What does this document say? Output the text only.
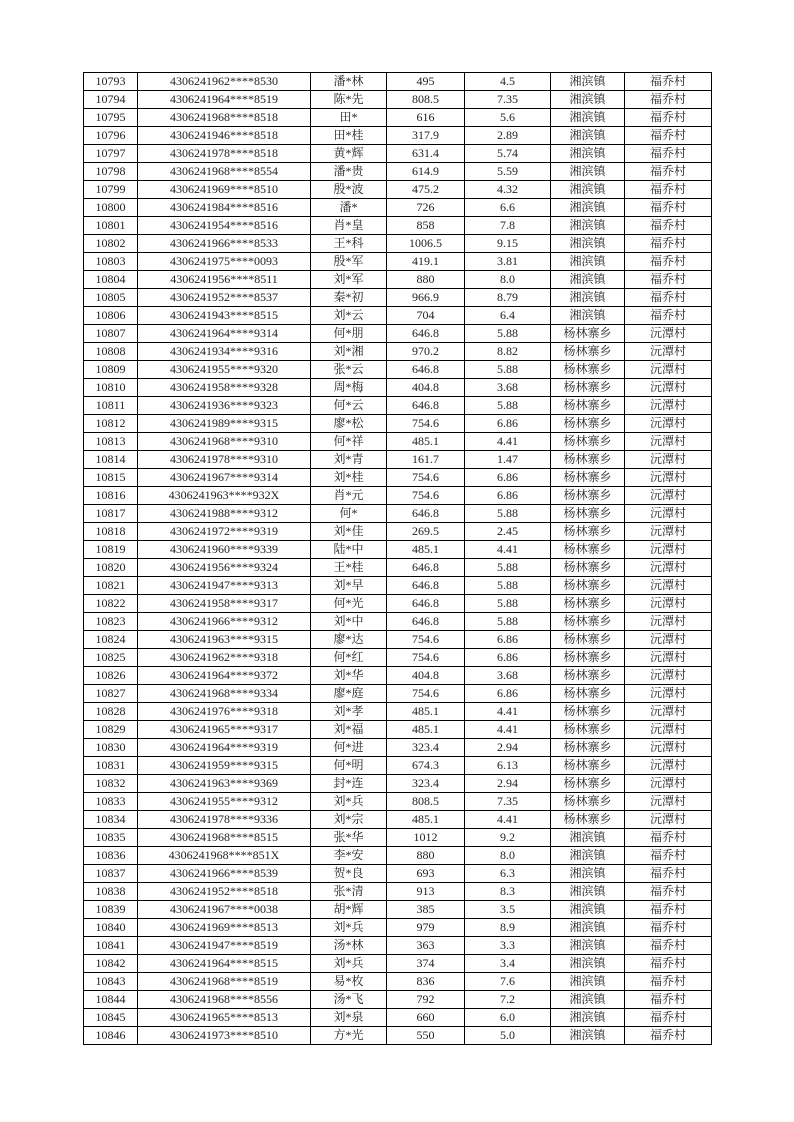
10793	4306241962****8530	潘*林	495	4.5	湘滨镇	福乔村
10794	4306241964****8519	陈*先	808.5	7.35	湘滨镇	福乔村
10795	4306241968****8518	田*	616	5.6	湘滨镇	福乔村
10796	4306241946****8518	田*桂	317.9	2.89	湘滨镇	福乔村
10797	4306241978****8518	黄*辉	631.4	5.74	湘滨镇	福乔村
10798	4306241968****8554	潘*贵	614.9	5.59	湘滨镇	福乔村
10799	4306241969****8510	殷*波	475.2	4.32	湘滨镇	福乔村
10800	4306241984****8516	潘*	726	6.6	湘滨镇	福乔村
10801	4306241954****8516	肖*皇	858	7.8	湘滨镇	福乔村
10802	4306241966****8533	王*科	1006.5	9.15	湘滨镇	福乔村
10803	4306241975****0093	殷*军	419.1	3.81	湘滨镇	福乔村
10804	4306241956****8511	刘*军	880	8.0	湘滨镇	福乔村
10805	4306241952****8537	秦*初	966.9	8.79	湘滨镇	福乔村
10806	4306241943****8515	刘*云	704	6.4	湘滨镇	福乔村
10807	4306241964****9314	何*朋	646.8	5.88	杨林寨乡	沅潭村
10808	4306241934****9316	刘*湘	970.2	8.82	杨林寨乡	沅潭村
10809	4306241955****9320	张*云	646.8	5.88	杨林寨乡	沅潭村
10810	4306241958****9328	周*梅	404.8	3.68	杨林寨乡	沅潭村
10811	4306241936****9323	何*云	646.8	5.88	杨林寨乡	沅潭村
10812	4306241989****9315	廖*松	754.6	6.86	杨林寨乡	沅潭村
10813	4306241968****9310	何*祥	485.1	4.41	杨林寨乡	沅潭村
10814	4306241978****9310	刘*青	161.7	1.47	杨林寨乡	沅潭村
10815	4306241967****9314	刘*桂	754.6	6.86	杨林寨乡	沅潭村
10816	4306241963****932X	肖*元	754.6	6.86	杨林寨乡	沅潭村
10817	4306241988****9312	何*	646.8	5.88	杨林寨乡	沅潭村
10818	4306241972****9319	刘*佳	269.5	2.45	杨林寨乡	沅潭村
10819	4306241960****9339	陆*中	485.1	4.41	杨林寨乡	沅潭村
10820	4306241956****9324	王*桂	646.8	5.88	杨林寨乡	沅潭村
10821	4306241947****9313	刘*早	646.8	5.88	杨林寨乡	沅潭村
10822	4306241958****9317	何*光	646.8	5.88	杨林寨乡	沅潭村
10823	4306241966****9312	刘*中	646.8	5.88	杨林寨乡	沅潭村
10824	4306241963****9315	廖*达	754.6	6.86	杨林寨乡	沅潭村
10825	4306241962****9318	何*红	754.6	6.86	杨林寨乡	沅潭村
10826	4306241964****9372	刘*华	404.8	3.68	杨林寨乡	沅潭村
10827	4306241968****9334	廖*庭	754.6	6.86	杨林寨乡	沅潭村
10828	4306241976****9318	刘*孝	485.1	4.41	杨林寨乡	沅潭村
10829	4306241965****9317	刘*福	485.1	4.41	杨林寨乡	沅潭村
10830	4306241964****9319	何*进	323.4	2.94	杨林寨乡	沅潭村
10831	4306241959****9315	何*明	674.3	6.13	杨林寨乡	沅潭村
10832	4306241963****9369	封*连	323.4	2.94	杨林寨乡	沅潭村
10833	4306241955****9312	刘*兵	808.5	7.35	杨林寨乡	沅潭村
10834	4306241978****9336	刘*宗	485.1	4.41	杨林寨乡	沅潭村
10835	4306241968****8515	张*华	1012	9.2	湘滨镇	福乔村
10836	4306241968****851X	李*安	880	8.0	湘滨镇	福乔村
10837	4306241966****8539	贺*良	693	6.3	湘滨镇	福乔村
10838	4306241952****8518	张*清	913	8.3	湘滨镇	福乔村
10839	4306241967****0038	胡*辉	385	3.5	湘滨镇	福乔村
10840	4306241969****8513	刘*兵	979	8.9	湘滨镇	福乔村
10841	4306241947****8519	汤*林	363	3.3	湘滨镇	福乔村
10842	4306241964****8515	刘*兵	374	3.4	湘滨镇	福乔村
10843	4306241968****8519	易*枚	836	7.6	湘滨镇	福乔村
10844	4306241968****8556	汤*飞	792	7.2	湘滨镇	福乔村
10845	4306241965****8513	刘*泉	660	6.0	湘滨镇	福乔村
10846	4306241973****8510	方*光	550	5.0	湘滨镇	福乔村
